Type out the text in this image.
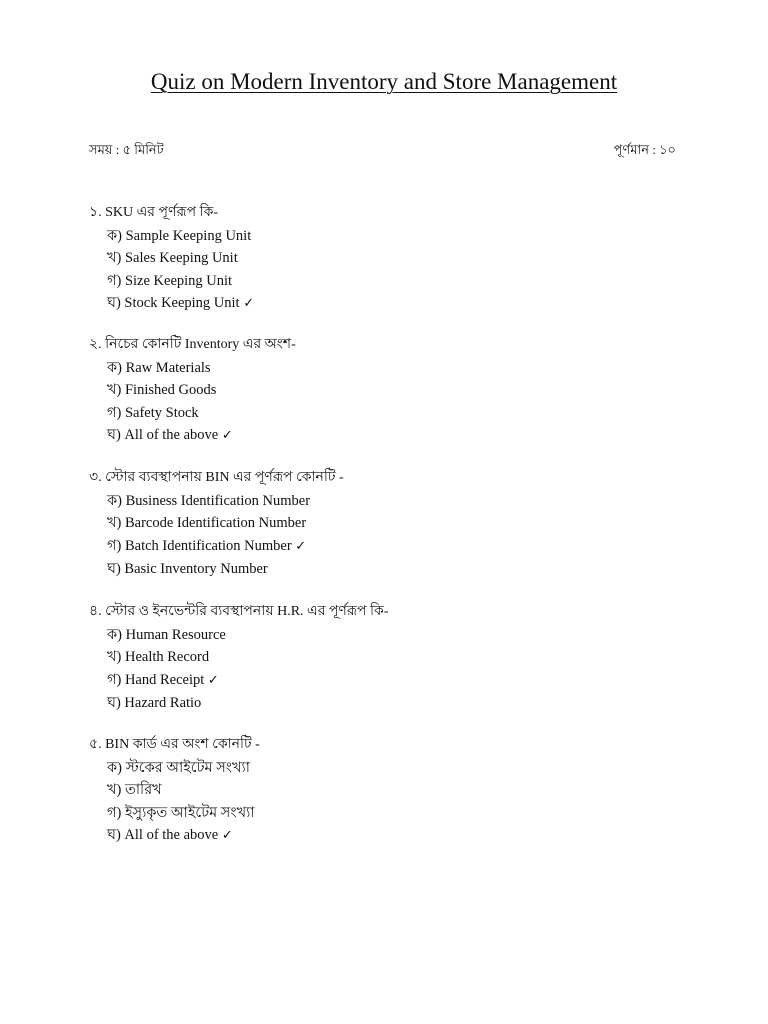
Quiz on Modern Inventory and Store Management
সময় : ৫ মিনিট	পূর্ণমান : ১০
১. SKU এর পূর্ণরূপ কি-
ক) Sample Keeping Unit
খ) Sales Keeping Unit
গ) Size Keeping Unit
ঘ) Stock Keeping Unit ✓
২. নিচের কোনটি Inventory এর অংশ-
ক) Raw Materials
খ) Finished Goods
গ) Safety Stock
ঘ) All of the above ✓
৩. স্টোর ব্যবস্থাপনায় BIN এর পূর্ণরূপ কোনটি -
ক) Business Identification Number
খ) Barcode Identification Number
গ) Batch Identification Number ✓
ঘ) Basic Inventory Number
৪. স্টোর ও ইনভেন্টরি ব্যবস্থাপনায় H.R. এর পূর্ণরূপ কি-
ক) Human Resource
খ) Health Record
গ) Hand Receipt ✓
ঘ) Hazard Ratio
৫. BIN কার্ড এর অংশ কোনটি -
ক) স্টকের আইটেম সংখ্যা
খ) তারিখ
গ) ইস্যুকৃত আইটেম সংখ্যা
ঘ) All of the above ✓
